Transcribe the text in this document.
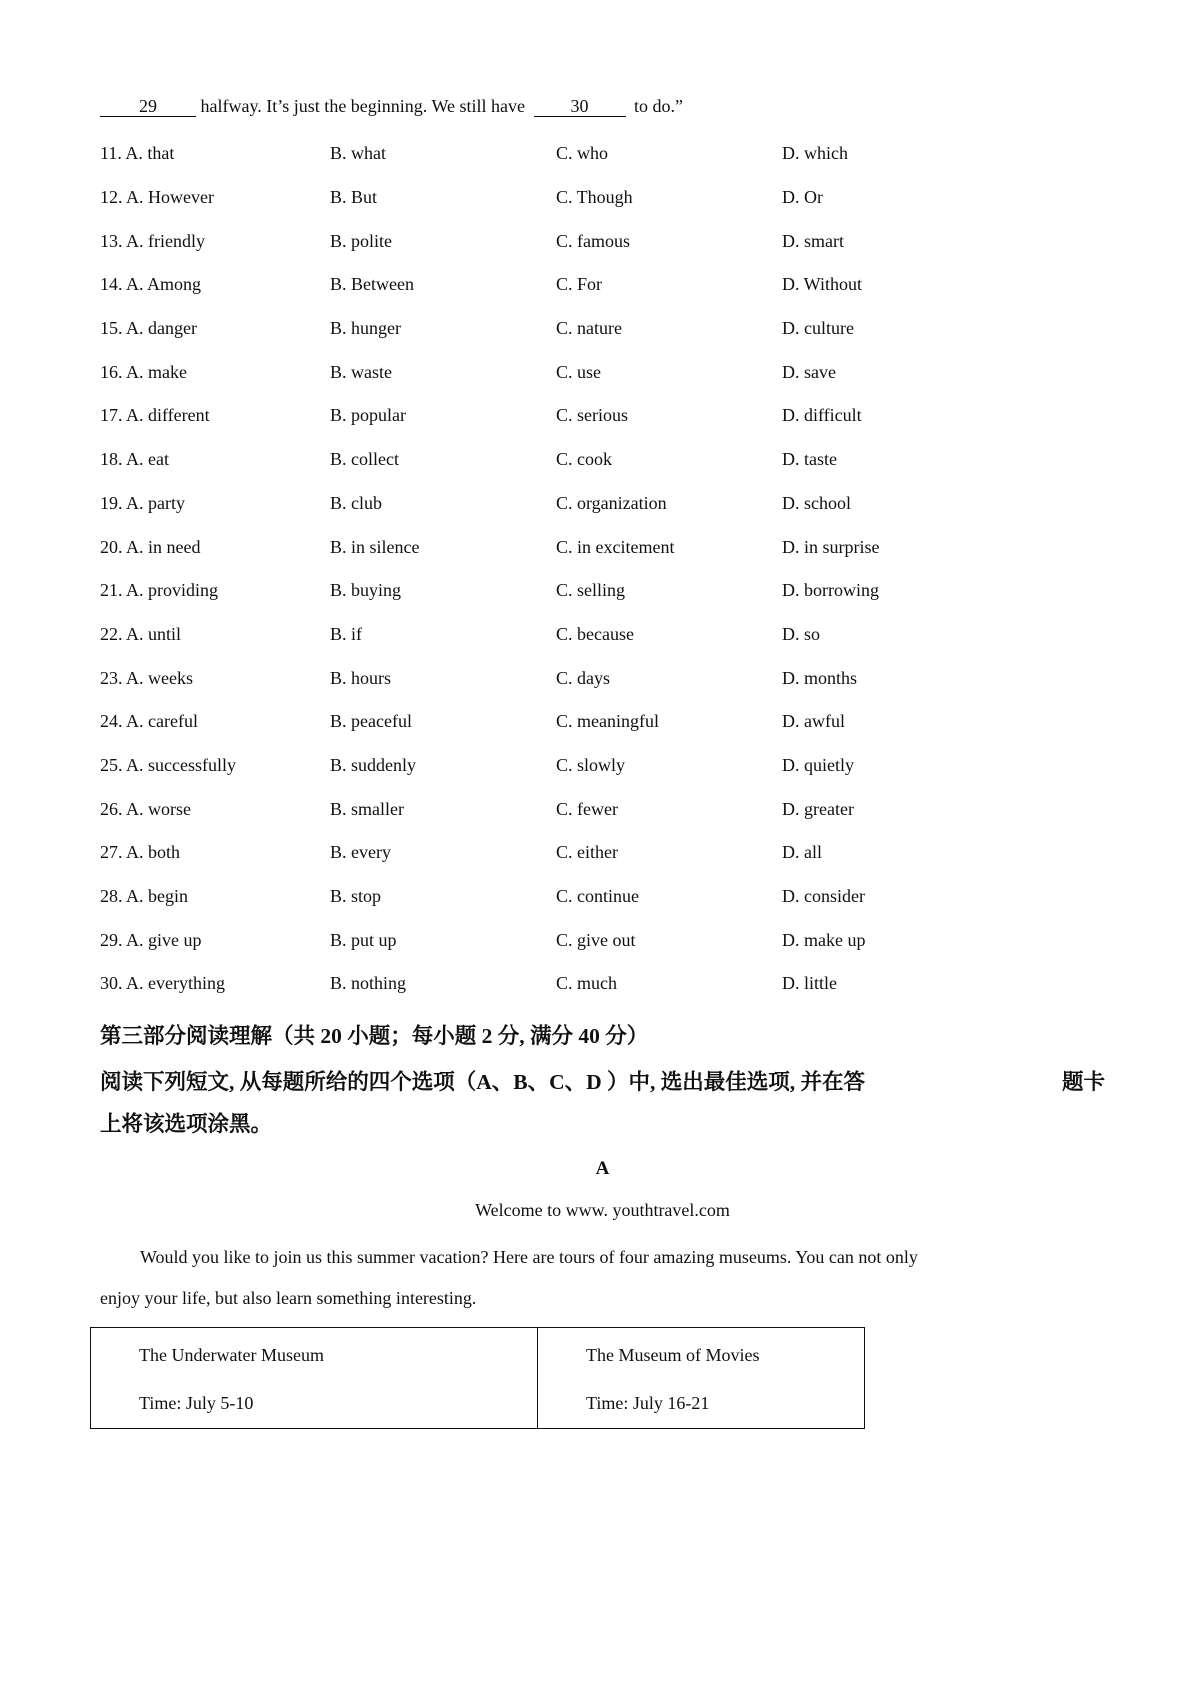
29 halfway. It’s just the beginning. We still have	30 to do.”
11. A. that	B. what	C. who	D. which
12. A. However	B. But	C. Though	D. Or
13. A. friendly	B. polite	C. famous	D. smart
14. A. Among	B. Between	C. For	D. Without
15. A. danger	B. hunger	C. nature	D. culture
16. A. make	B. waste	C. use	D. save
17. A. different	B. popular	C. serious	D. difficult
18. A. eat	B. collect	C. cook	D. taste
19. A. party	B. club	C. organization	D. school
20. A. in need	B. in silence	C. in excitement	D. in surprise
21. A. providing	B. buying	C. selling	D. borrowing
22. A. until	B. if	C. because	D. so
23. A. weeks	B. hours	C. days	D. months
24. A. careful	B. peaceful	C. meaningful	D. awful
25. A. successfully	B. suddenly	C. slowly	D. quietly
26. A. worse	B. smaller	C. fewer	D. greater
27. A. both	B. every	C. either	D. all
28. A. begin	B. stop	C. continue	D. consider
29. A. give up	B. put up	C. give out	D. make up
30. A. everything	B. nothing	C. much	D. little
第三部分阅读理解（共 20 小题；每小题 2 分, 满分 40 分）
阅读下列短文, 从每题所给的四个选项（A、B、C、D ）中, 选出最佳选项, 并在答	题卡
上将该选项涂黑。
A
Welcome to www. youthtravel.com
Would you like to join us this summer vacation? Here are tours of four amazing museums. You can not only
enjoy your life, but also learn something interesting.
The Underwater Museum
Time: July 5-10

The Museum of Movies
Time: July 16-21
